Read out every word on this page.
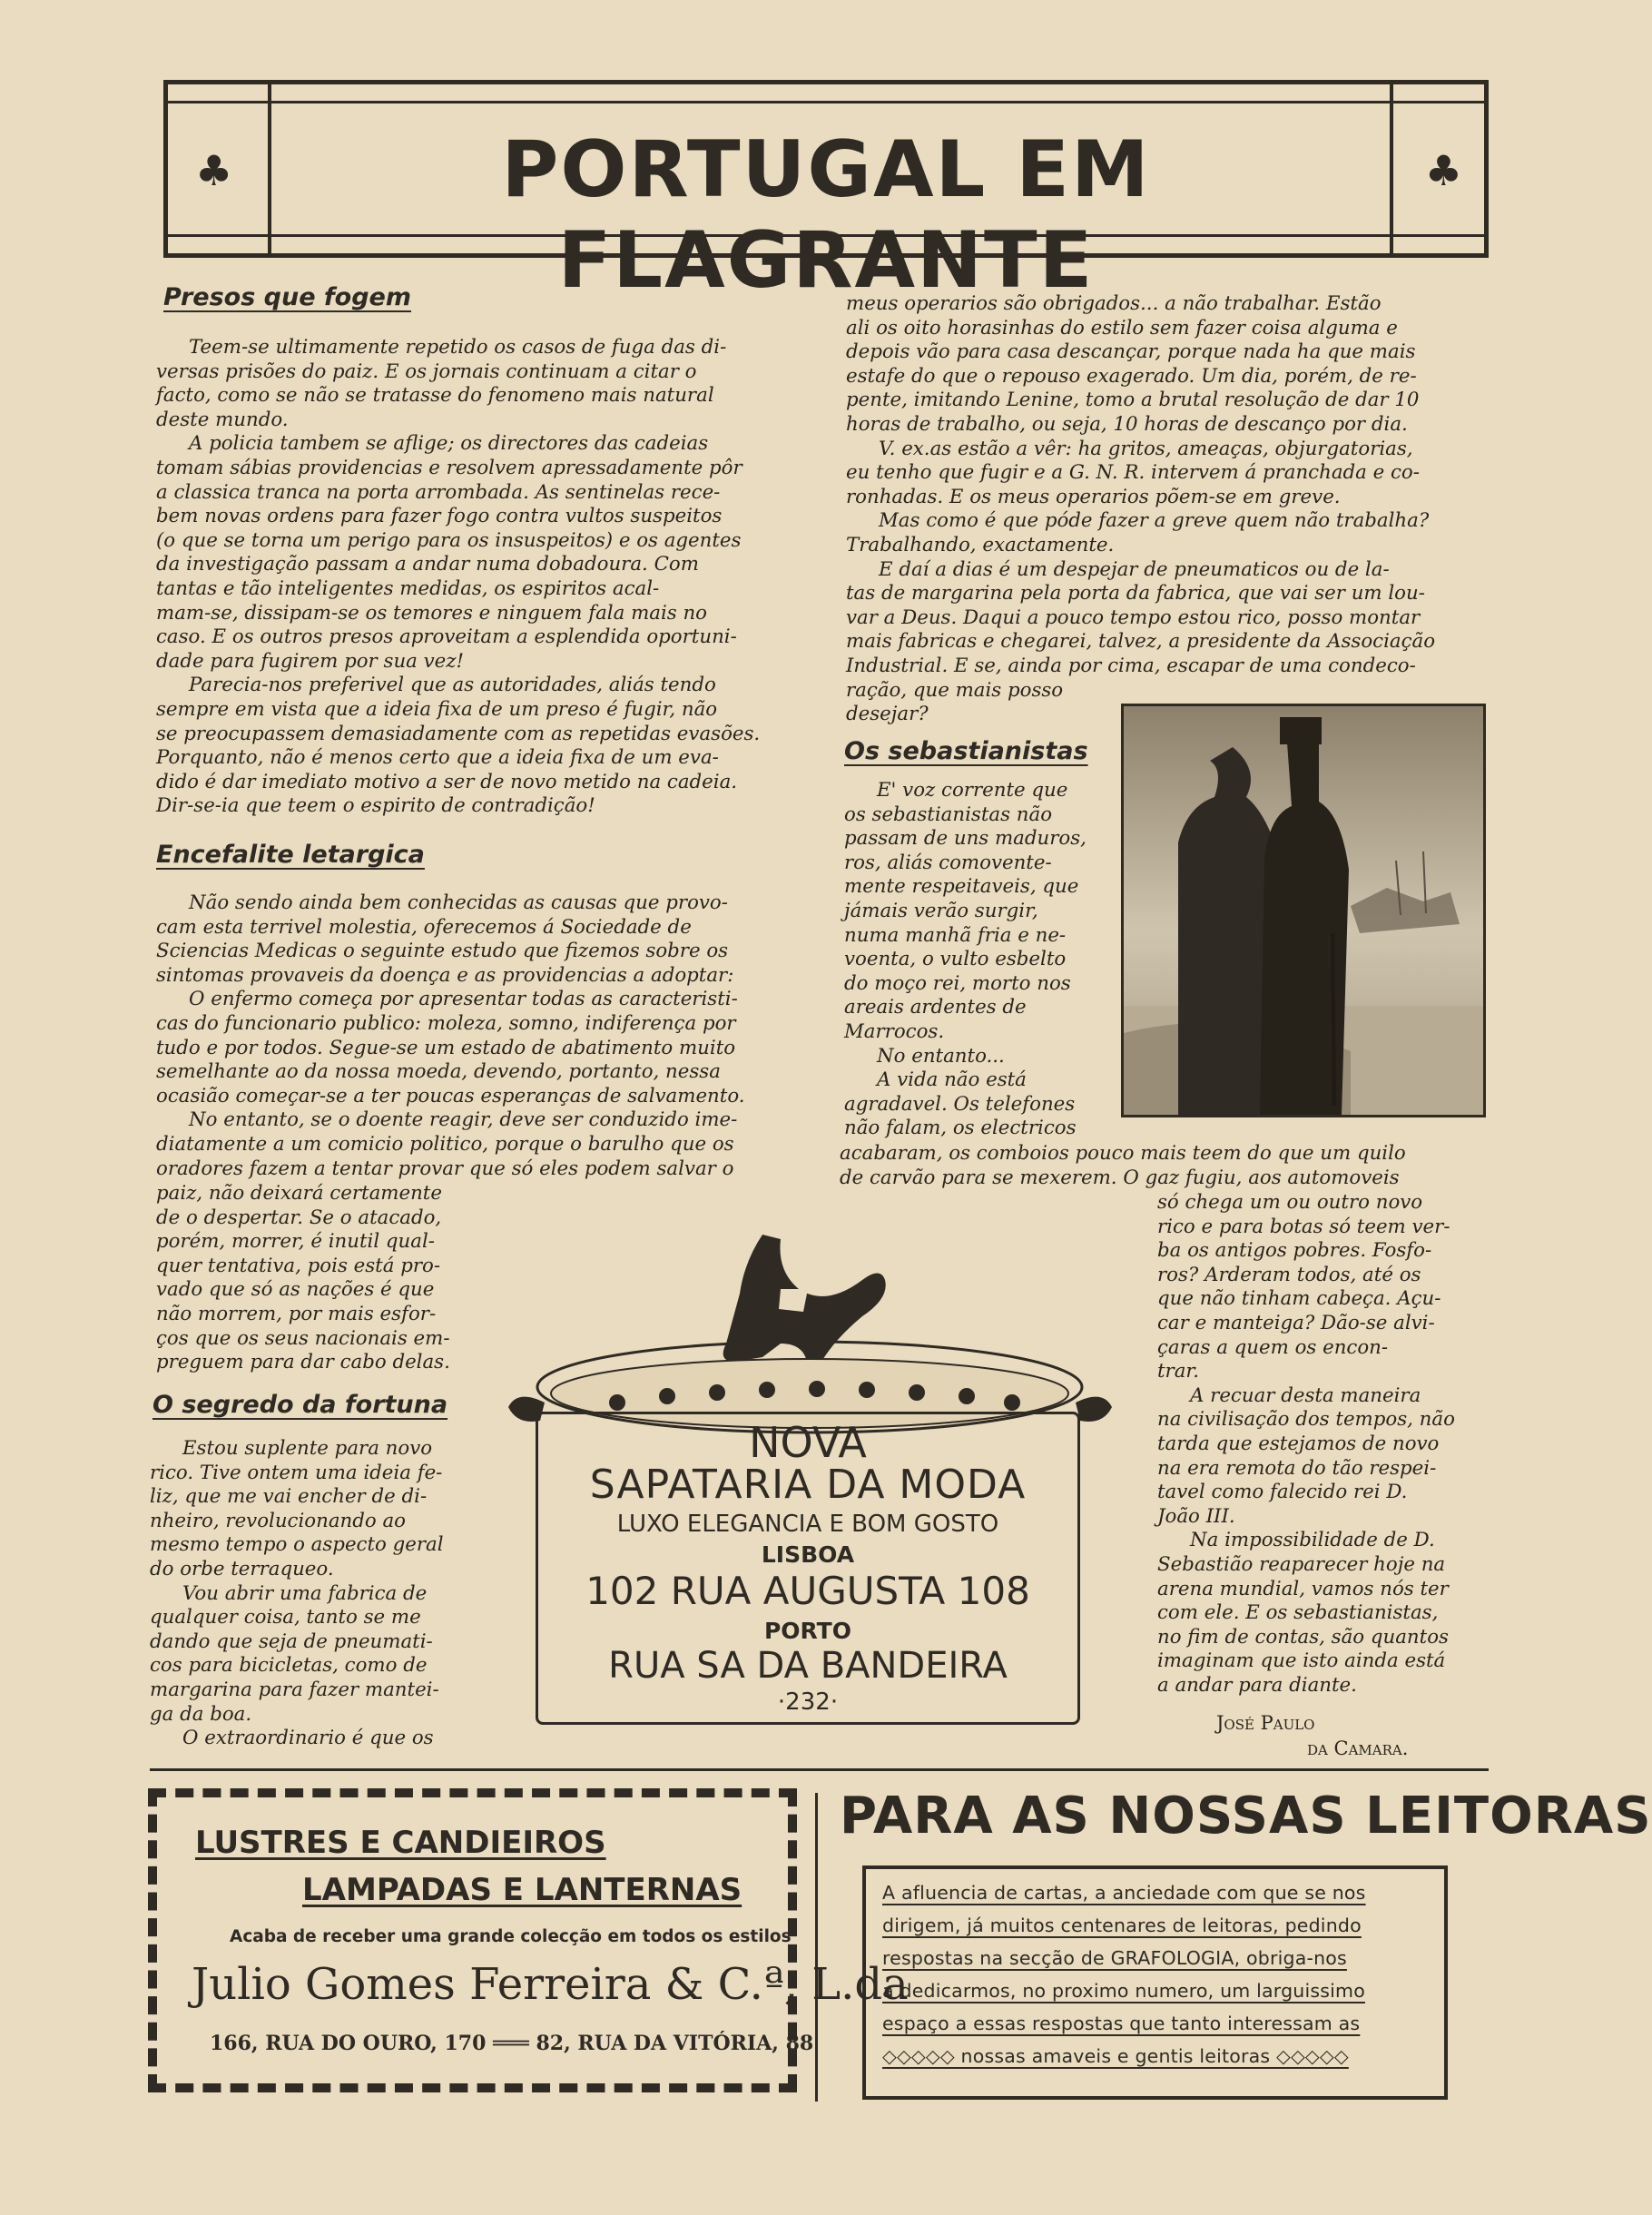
♣	PORTUGAL EM FLAGRANTE
♣
Presos que fogem

Teem-se ultimamente repetido os casos de fuga das di-

versas prisões do paiz. E os jornais continuam a citar o

facto, como se não se tratasse do fenomeno mais natural

deste mundo.

A policia tambem se aflige; os directores das cadeias

tomam sábias providencias e resolvem apressadamente pôr

a classica tranca na porta arrombada. As sentinelas rece-

bem novas ordens para fazer fogo contra vultos suspeitos

(o que se torna um perigo para os insuspeitos) e os agentes

da investigação passam a andar numa dobadoura. Com

tantas e tão inteligentes medidas, os espiritos acal-

mam-se, dissipam-se os temores e ninguem fala mais no

caso. E os outros presos aproveitam a esplendida oportuni-

dade para fugirem por sua vez!

Parecia-nos preferivel que as autoridades, aliás tendo

sempre em vista que a ideia fixa de um preso é fugir, não

se preocupassem demasiadamente com as repetidas evasões.

Porquanto, não é menos certo que a ideia fixa de um eva-

dido é dar imediato motivo a ser de novo metido na cadeia.

Dir-se-ia que teem o espirito de contradição!

Encefalite letargica

Não sendo ainda bem conhecidas as causas que provo-

cam esta terrivel molestia, oferecemos á Sociedade de

Sciencias Medicas o seguinte estudo que fizemos sobre os

sintomas provaveis da doença e as providencias a adoptar:

O enfermo começa por apresentar todas as caracteristi-

cas do funcionario publico: moleza, somno, indiferença por

tudo e por todos. Segue-se um estado de abatimento muito

semelhante ao da nossa moeda, devendo, portanto, nessa

ocasião começar-se a ter poucas esperanças de salvamento.

No entanto, se o doente reagir, deve ser conduzido ime-

diatamente a um comicio politico, porque o barulho que os

oradores fazem a tentar provar que só eles podem salvar o

paiz, não deixará certamente

de o despertar. Se o atacado,

porém, morrer, é inutil qual-

quer tentativa, pois está pro-

vado que só as nações é que

não morrem, por mais esfor-

ços que os seus nacionais em-

preguem para dar cabo delas.

O segredo da fortuna

Estou suplente para novo

rico. Tive ontem uma ideia fe-

liz, que me vai encher de di-

nheiro, revolucionando ao

mesmo tempo o aspecto geral

do orbe terraqueo.

Vou abrir uma fabrica de

qualquer coisa, tanto se me

dando que seja de pneumati-

cos para bicicletas, como de

margarina para fazer mantei-

ga da boa.

O extraordinario é que os

meus operarios são obrigados... a não trabalhar. Estão

ali os oito horasinhas do estilo sem fazer coisa alguma e

depois vão para casa descançar, porque nada ha que mais

estafe do que o repouso exagerado. Um dia, porém, de re-

pente, imitando Lenine, tomo a brutal resolução de dar 10

horas de trabalho, ou seja, 10 horas de descanço por dia.

V. ex.as estão a vêr: ha gritos, ameaças, objurgatorias,

eu tenho que fugir e a G. N. R. intervem á pranchada e co-

ronhadas. E os meus operarios põem-se em greve.

Mas como é que póde fazer a greve quem não trabalha?

Trabalhando, exactamente.

E daí a dias é um despejar de pneumaticos ou de la-

tas de margarina pela porta da fabrica, que vai ser um lou-

var a Deus. Daqui a pouco tempo estou rico, posso montar

mais fabricas e chegarei, talvez, a presidente da Associação

Industrial. E se, ainda por cima, escapar de uma condeco-

ração, que mais posso

desejar?

Os sebastianistas

E' voz corrente que

os sebastianistas não

passam de uns maduros,

ros, aliás comovente-

mente respeitaveis, que

jámais verão surgir,

numa manhã fria e ne-

voenta, o vulto esbelto

do moço rei, morto nos

areais ardentes de

Marrocos.

No entanto...

A vida não está

agradavel. Os telefones

não falam, os electricos

acabaram, os comboios pouco mais teem do que um quilo

de carvão para se mexerem. O gaz fugiu, aos automoveis

só chega um ou outro novo

rico e para botas só teem ver-

ba os antigos pobres. Fosfo-

ros? Arderam todos, até os

que não tinham cabeça. Açu-

car e manteiga? Dão-se alvi-

çaras a quem os encon-

trar.

A recuar desta maneira

na civilisação dos tempos, não

tarda que estejamos de novo

na era remota do tão respei-

tavel como falecido rei D.

João III.

Na impossibilidade de D.

Sebastião reaparecer hoje na

arena mundial, vamos nós ter

com ele. E os sebastianistas,

no fim de contas, são quantos

imaginam que isto ainda está

a andar para diante.

José Paulo
da Camara.
NOVA
SAPATARIA DA MODA
LUXO ELEGANCIA E BOM GOSTO
LISBOA
102 RUA AUGUSTA 108
PORTO
RUA SA DA BANDEIRA
·232·
LUSTRES E CANDIEIROS
LAMPADAS E LANTERNAS
Acaba de receber uma grande colecção em todos os estilos
Julio Gomes Ferreira & C.ª, L.da
166, RUA DO OURO, 170 ═══ 82, RUA DA VITÓRIA, 88
PARA AS NOSSAS LEITORAS
A afluencia de cartas, a anciedade com que se nos
dirigem, já muitos centenares de leitoras, pedindo
respostas na secção de GRAFOLOGIA, obriga-nos
a dedicarmos, no proximo numero, um larguissimo
espaço a essas respostas que tanto interessam as
◇◇◇◇◇ nossas amaveis e gentis leitoras ◇◇◇◇◇
